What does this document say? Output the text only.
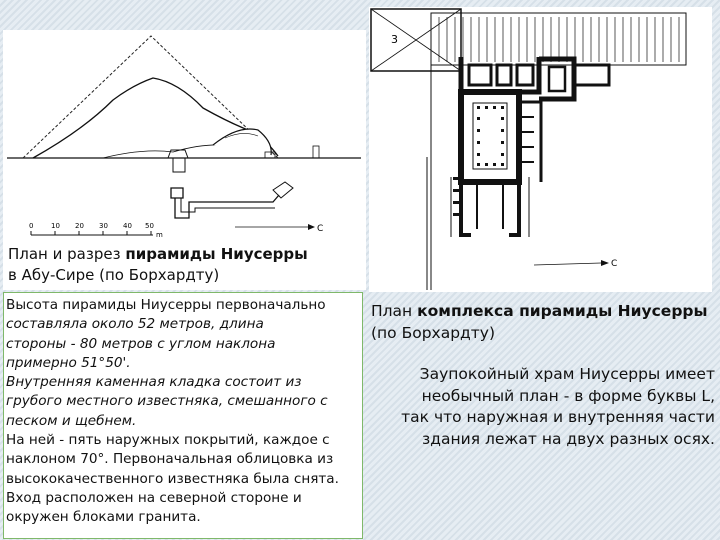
0	10 20 30 40 50
m
C
План и разрез пирамиды Ниусерры
в Абу-Сире (по Борхардту)
Высота пирамиды Ниусерры первоначально
составляла около 52 метров, длина
стороны - 80 метров с углом наклона
примерно 51°50'.
Внутренняя каменная кладка состоит из
грубого местного известняка, смешанного с
песком и щебнем.
На ней - пять наружных покрытий, каждое с
наклоном 70°. Первоначальная облицовка из
высококачественного известняка была снята.
Вход расположен на северной стороне и
окружен блоками гранита.
3
C
План комплекса пирамиды Ниусерры
(по Борхардту)
Заупокойный храм Ниусерры имеет
необычный план - в форме буквы L,
так что наружная и внутренняя части
здания лежат на двух разных осях.
